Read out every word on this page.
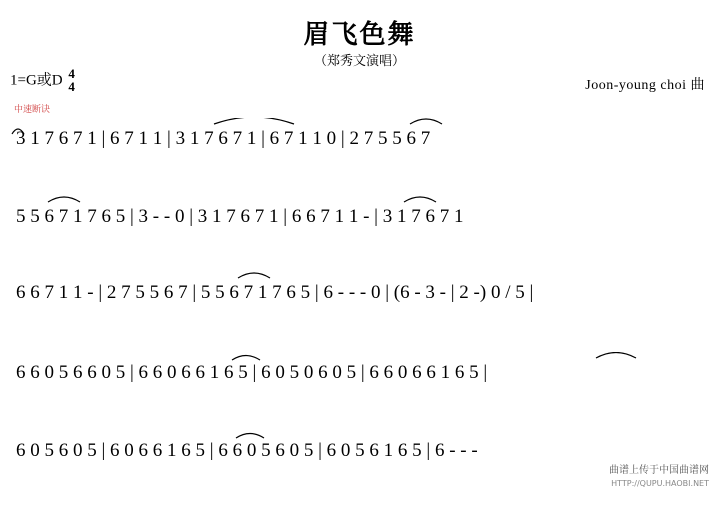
眉飞色舞
（郑秀文演唱）
1=G或D 4
4	Joon-young choi 曲
中速断诀
3 1 7 6 7 1 | 6 7 1 1 | 3 1 7 6 7 1 | 6 7 1 1 0 | 2 7 5 5 6 7
5 5 6 7 1 7 6 5 | 3 - - 0 | 3 1 7 6 7 1 | 6 6 7 1 1 - | 3 1 7 6 7 1
6 6 7 1 1 - | 2 7 5 5 6 7 | 5 5 6 7 1 7 6 5 | 6 - - - 0 | (6 - 3 - | 2 -) 0 / 5 |
6 6 0 5 6 6 0 5 | 6 6 0 6 6 1 6 5 | 6 0 5 0 6 0 5 | 6 6 0 6 6 1 6 5 |
6 0 5 6 0 5 | 6 0 6 6 1 6 5 | 6 6 0 5 6 0 5 | 6 0 5 6 1 6 5 | 6 - - -
曲谱上传于中国曲谱网
HTTP://QUPU.HAOBI.NET
